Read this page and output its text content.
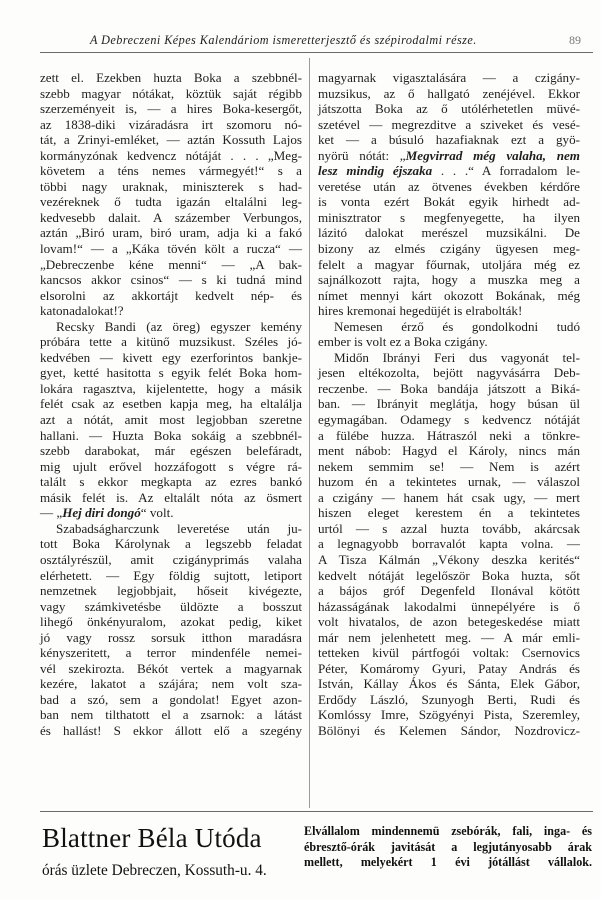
A Debreczeni Képes Kalendáriom ismeretterjesztő és szépirodalmi része.	89
zett el. Ezekben huzta Boka a szebbnél-
szebb magyar nótákat, köztük saját régibb
szerzeményeit is, — a hires Boka-kesergőt,
az 1838-diki vizáradásra irt szomoru nó-
tát, a Zrinyi-emléket, — aztán Kossuth Lajos
kormányzónak kedvencz nótáját . . . „Meg-
követem a téns nemes vármegyét!“ s a
többi nagy uraknak, miniszterek s had-
vezéreknek ő tudta igazán eltalálni leg-
kedvesebb dalait. A százember Verbungos,
aztán „Biró uram, biró uram, adja ki a fakó
lovam!“ — a „Káka tövén költ a rucza“ —
„Debreczenbe kéne menni“ — „A bak-
kancsos akkor csinos“ — s ki tudná mind
elsorolni az akkortájt kedvelt nép- és
katonadalokat!?
Recsky Bandi (az öreg) egyszer kemény
próbára tette a kitünő muzsikust. Széles jó-
kedvében — kivett egy ezerforintos bankje-
gyet, ketté hasitotta s egyik felét Boka hom-
lokára ragasztva, kijelentette, hogy a másik
felét csak az esetben kapja meg, ha eltalálja
azt a nótát, amit most legjobban szeretne
hallani. — Huzta Boka sokáig a szebbnél-
szebb darabokat, már egészen belefáradt,
mig ujult erővel hozzáfogott s végre rá-
talált s ekkor megkapta az ezres bankó
másik felét is. Az eltalált nóta az ösmert
— „Hej diri dongó“ volt.
Szabadságharczunk leveretése után ju-
tott Boka Károlynak a legszebb feladat
osztályrészül, amit czigányprimás valaha
elérhetett. — Egy földig sujtott, letiport
nemzetnek legjobbjait, hőseit kivégezte,
vagy számkivetésbe üldözte a bosszut
lihegő önkényuralom, azokat pedig, kiket
jó vagy rossz sorsuk itthon maradásra
kényszeritett, a terror mindenféle nemei-
vél szekirozta. Békót vertek a magyarnak
kezére, lakatot a szájára; nem volt sza-
bad a szó, sem a gondolat! Egyet azon-
ban nem tilthatott el a zsarnok: a látást
és hallást! S ekkor állott elő a szegény
magyarnak vigasztalására — a czigány-
muzsikus, az ő hallgató zenéjével. Ekkor
játszotta Boka az ő utólérhetetlen müvé-
szetével — megrezditve a sziveket és vesé-
ket — a búsuló hazafiaknak ezt a gyö-
nyörü nótát: „Megvirrad még valaha, nem
lesz mindig éjszaka . . .“ A forradalom le-
veretése után az ötvenes években kérdőre
is vonta ezért Bokát egyik hirhedt ad-
minisztrator s megfenyegette, ha ilyen
lázitó dalokat merészel muzsikálni. De
bizony az elmés czigány ügyesen meg-
felelt a magyar főurnak, utoljára még ez
sajnálkozott rajta, hogy a muszka meg a
nímet mennyi kárt okozott Bokának, még
hires kremonai hegedüjét is elrabolták!
Nemesen érző és gondolkodni tudó
ember is volt ez a Boka czigány.
Midőn Ibrányi Feri dus vagyonát tel-
jesen eltékozolta, bejött nagyvásárra Deb-
reczenbe. — Boka bandája játszott a Biká-
ban. — Ibrányit meglátja, hogy búsan ül
egymagában. Odamegy s kedvencz nótáját
a fülébe huzza. Hátraszól neki a tönkre-
ment nábob: Hagyd el Károly, nincs mán
nekem semmim se! — Nem is azért
huzom én a tekintetes urnak, — válaszol
a czigány — hanem hát csak ugy, — mert
hiszen eleget kerestem én a tekintetes
urtól — s azzal huzta tovább, akárcsak
a legnagyobb borravalót kapta volna. —
A Tisza Kálmán „Vékony deszka kerités“
kedvelt nótáját legelőször Boka huzta, sőt
a bájos gróf Degenfeld Ilonával kötött
házasságának lakodalmi ünnepélyére is ő
volt hivatalos, de azon betegeskedése miatt
már nem jelenhetett meg. — A már emli-
tetteken kivül pártfogói voltak: Csernovics
Péter, Komáromy Gyuri, Patay András és
István, Kállay Ákos és Sánta, Elek Gábor,
Erdődy László, Szunyogh Berti, Rudi és
Komlóssy Imre, Szögyényi Pista, Szeremley,
Bölönyi és Kelemen Sándor, Nozdrovicz-
Blattner Béla Utóda
órás üzlete Debreczen, Kossuth-u. 4.
Elvállalom mindennemü zsebórák, fali, inga- és
ébresztő-órák javitását a legjutányosabb árak
mellett, melyekért 1 évi jótállást vállalok.
